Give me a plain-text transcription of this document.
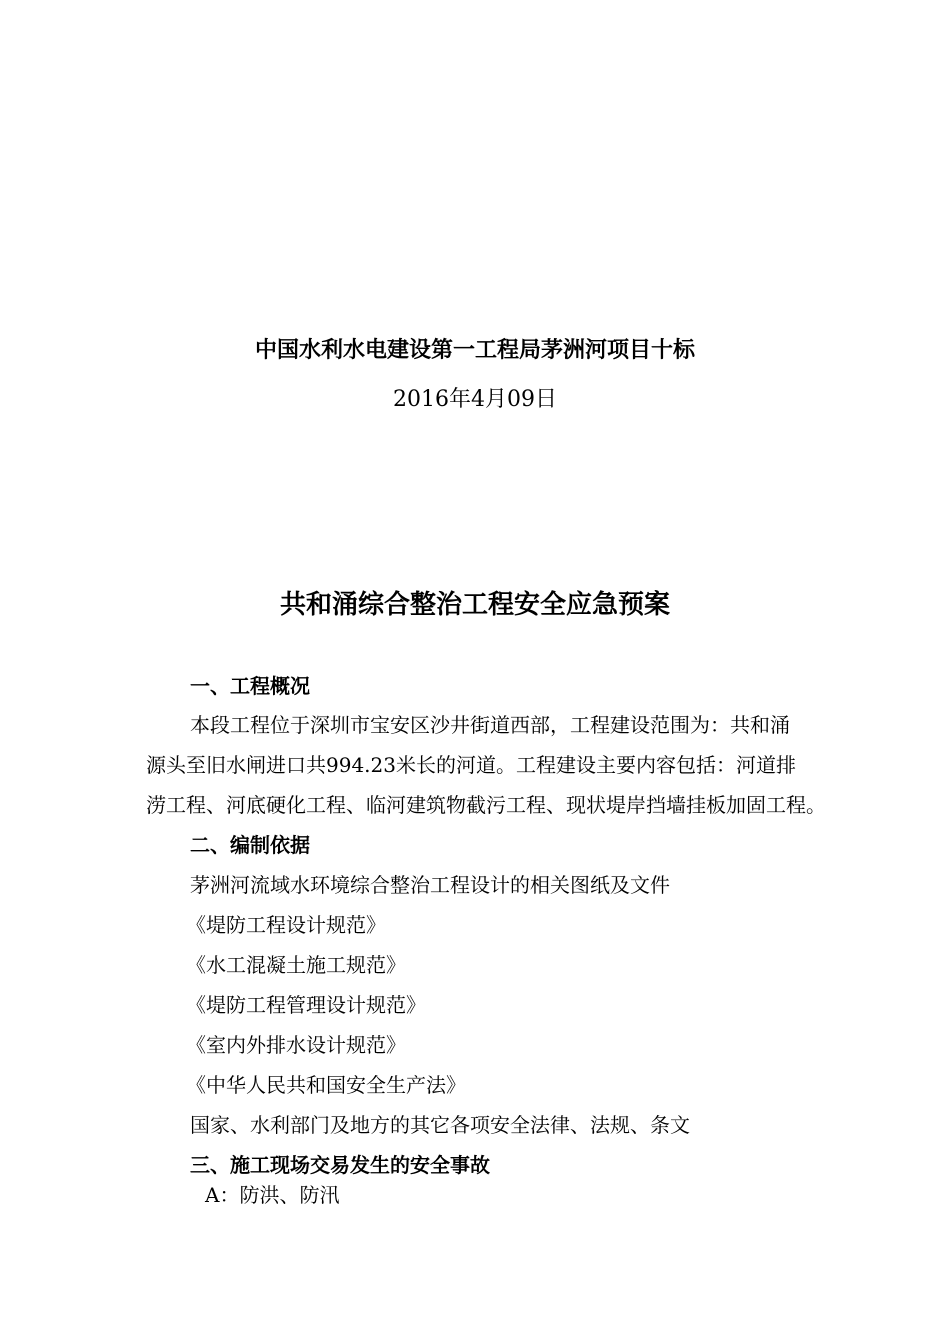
中国水利水电建设第一工程局茅洲河项目十标
2016年4月09日
共和涌综合整治工程安全应急预案
一、工程概况
本段工程位于深圳市宝安区沙井街道西部，工程建设范围为：共和涌
源头至旧水闸进口共994.23米长的河道。工程建设主要内容包括：河道排
涝工程、河底硬化工程、临河建筑物截污工程、现状堤岸挡墙挂板加固工程。
二、编制依据
茅洲河流域水环境综合整治工程设计的相关图纸及文件
《堤防工程设计规范》
《水工混凝土施工规范》
《堤防工程管理设计规范》
《室内外排水设计规范》
《中华人民共和国安全生产法》
国家、水利部门及地方的其它各项安全法律、法规、条文
三、施工现场交易发生的安全事故
A：防洪、防汛
